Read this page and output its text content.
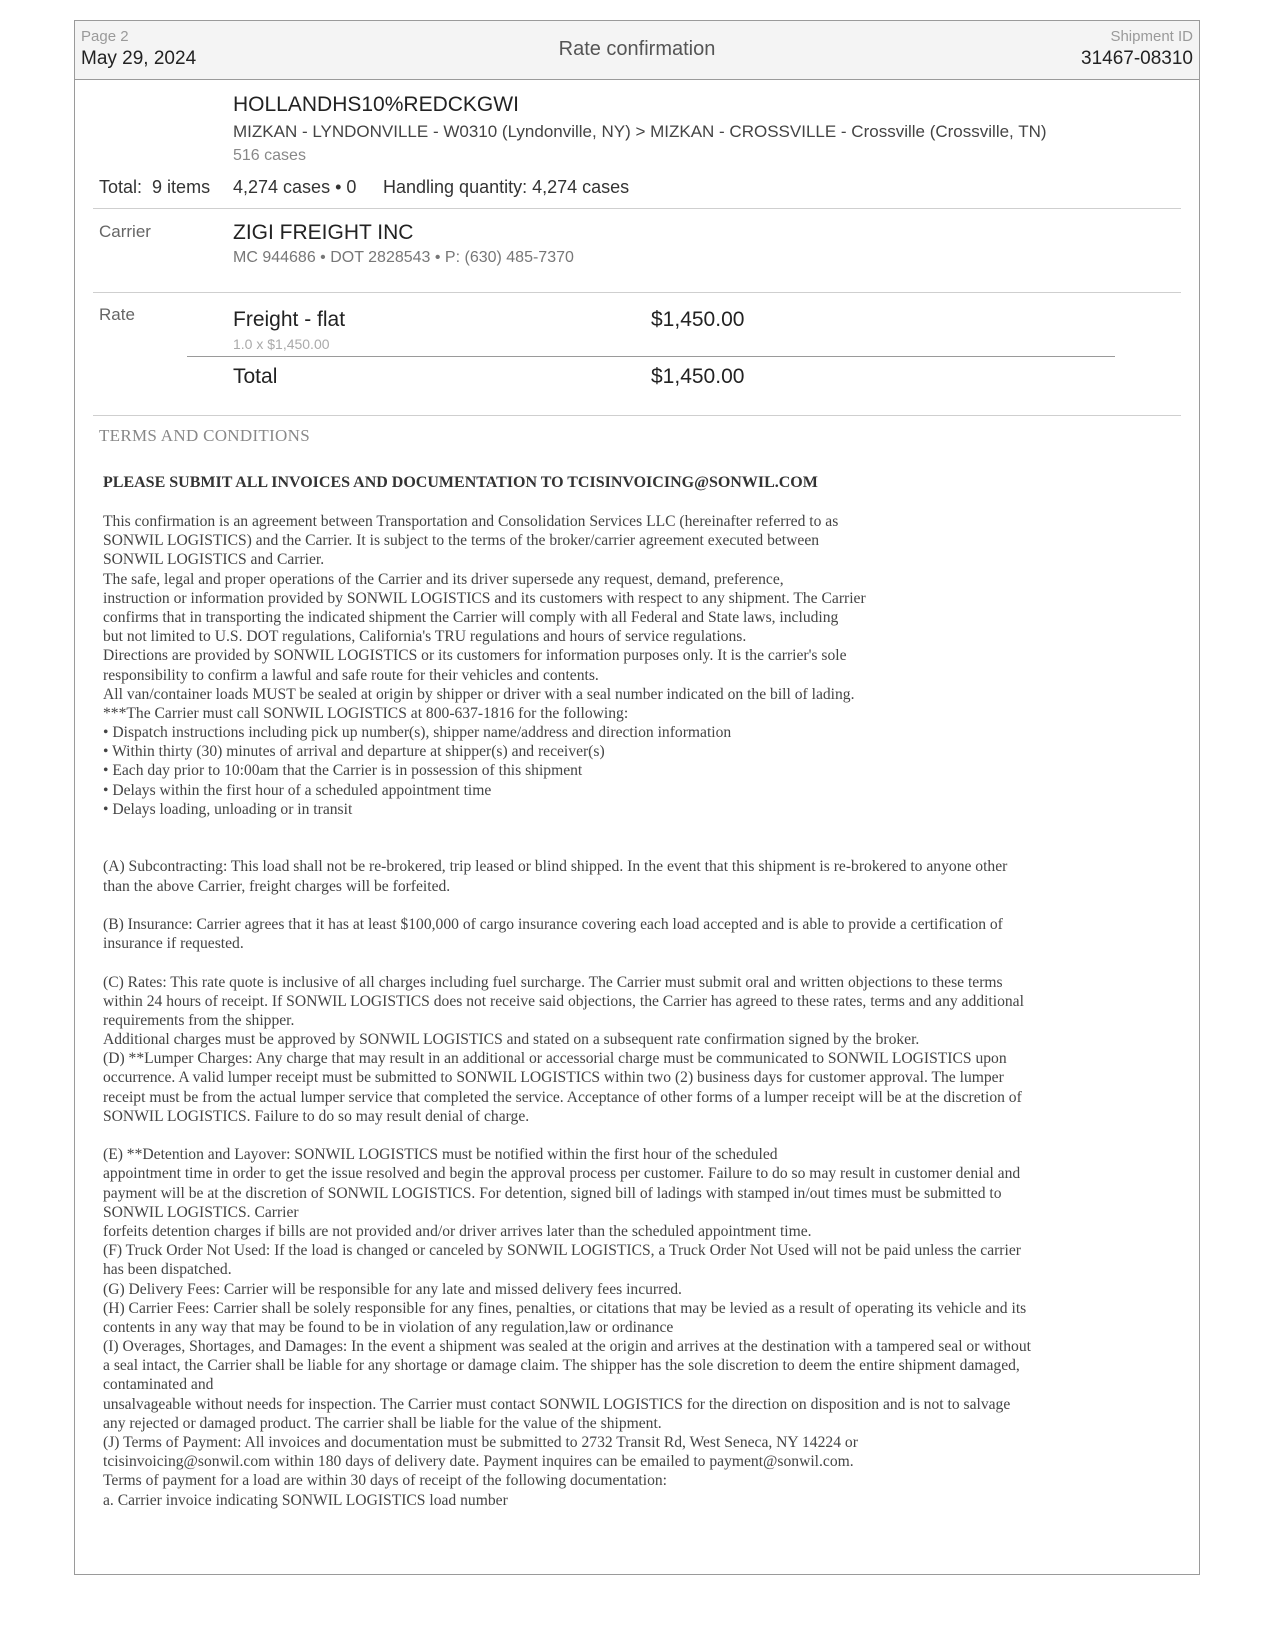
Page 2
May 29, 2024	Rate confirmation
Shipment ID
31467-08310
HOLLANDHS10%REDCKGWI
MIZKAN - LYNDONVILLE - W0310 (Lyndonville, NY) > MIZKAN - CROSSVILLE - Crossville (Crossville, TN)
516 cases
Total: 9 items 4,274 cases • 0 Handling quantity: 4,274 cases
Carrier	ZIGI FREIGHT INC
MC 944686 • DOT 2828543 • P: (630) 485-7370
Rate	Freight - flat	$1,450.00
1.0 x $1,450.00
Total	$1,450.00
TERMS AND CONDITIONS
PLEASE SUBMIT ALL INVOICES AND DOCUMENTATION TO TCISINVOICING@SONWIL.COM
This confirmation is an agreement between Transportation and Consolidation Services LLC (hereinafter referred to as
SONWIL LOGISTICS) and the Carrier. It is subject to the terms of the broker/carrier agreement executed between
SONWIL LOGISTICS and Carrier.
The safe, legal and proper operations of the Carrier and its driver supersede any request, demand, preference,
instruction or information provided by SONWIL LOGISTICS and its customers with respect to any shipment. The Carrier
confirms that in transporting the indicated shipment the Carrier will comply with all Federal and State laws, including
but not limited to U.S. DOT regulations, California's TRU regulations and hours of service regulations.
Directions are provided by SONWIL LOGISTICS or its customers for information purposes only. It is the carrier's sole
responsibility to confirm a lawful and safe route for their vehicles and contents.
All van/container loads MUST be sealed at origin by shipper or driver with a seal number indicated on the bill of lading.
***The Carrier must call SONWIL LOGISTICS at 800-637-1816 for the following:
• Dispatch instructions including pick up number(s), shipper name/address and direction information
• Within thirty (30) minutes of arrival and departure at shipper(s) and receiver(s)
• Each day prior to 10:00am that the Carrier is in possession of this shipment
• Delays within the first hour of a scheduled appointment time
• Delays loading, unloading or in transit
(A) Subcontracting: This load shall not be re-brokered, trip leased or blind shipped. In the event that this shipment is re-brokered to anyone other
than the above Carrier, freight charges will be forfeited.
(B) Insurance: Carrier agrees that it has at least $100,000 of cargo insurance covering each load accepted and is able to provide a certification of
insurance if requested.
(C) Rates: This rate quote is inclusive of all charges including fuel surcharge. The Carrier must submit oral and written objections to these terms
within 24 hours of receipt. If SONWIL LOGISTICS does not receive said objections, the Carrier has agreed to these rates, terms and any additional
requirements from the shipper.
Additional charges must be approved by SONWIL LOGISTICS and stated on a subsequent rate confirmation signed by the broker.
(D) **Lumper Charges: Any charge that may result in an additional or accessorial charge must be communicated to SONWIL LOGISTICS upon
occurrence. A valid lumper receipt must be submitted to SONWIL LOGISTICS within two (2) business days for customer approval. The lumper
receipt must be from the actual lumper service that completed the service. Acceptance of other forms of a lumper receipt will be at the discretion of
SONWIL LOGISTICS. Failure to do so may result denial of charge.
(E) **Detention and Layover: SONWIL LOGISTICS must be notified within the first hour of the scheduled
appointment time in order to get the issue resolved and begin the approval process per customer. Failure to do so may result in customer denial and
payment will be at the discretion of SONWIL LOGISTICS. For detention, signed bill of ladings with stamped in/out times must be submitted to
SONWIL LOGISTICS. Carrier
forfeits detention charges if bills are not provided and/or driver arrives later than the scheduled appointment time.
(F) Truck Order Not Used: If the load is changed or canceled by SONWIL LOGISTICS, a Truck Order Not Used will not be paid unless the carrier
has been dispatched.
(G) Delivery Fees: Carrier will be responsible for any late and missed delivery fees incurred.
(H) Carrier Fees: Carrier shall be solely responsible for any fines, penalties, or citations that may be levied as a result of operating its vehicle and its
contents in any way that may be found to be in violation of any regulation,law or ordinance
(I) Overages, Shortages, and Damages: In the event a shipment was sealed at the origin and arrives at the destination with a tampered seal or without
a seal intact, the Carrier shall be liable for any shortage or damage claim. The shipper has the sole discretion to deem the entire shipment damaged,
contaminated and
unsalvageable without needs for inspection. The Carrier must contact SONWIL LOGISTICS for the direction on disposition and is not to salvage
any rejected or damaged product. The carrier shall be liable for the value of the shipment.
(J) Terms of Payment: All invoices and documentation must be submitted to 2732 Transit Rd, West Seneca, NY 14224 or
tcisinvoicing@sonwil.com within 180 days of delivery date. Payment inquires can be emailed to payment@sonwil.com.
Terms of payment for a load are within 30 days of receipt of the following documentation:
a. Carrier invoice indicating SONWIL LOGISTICS load number
